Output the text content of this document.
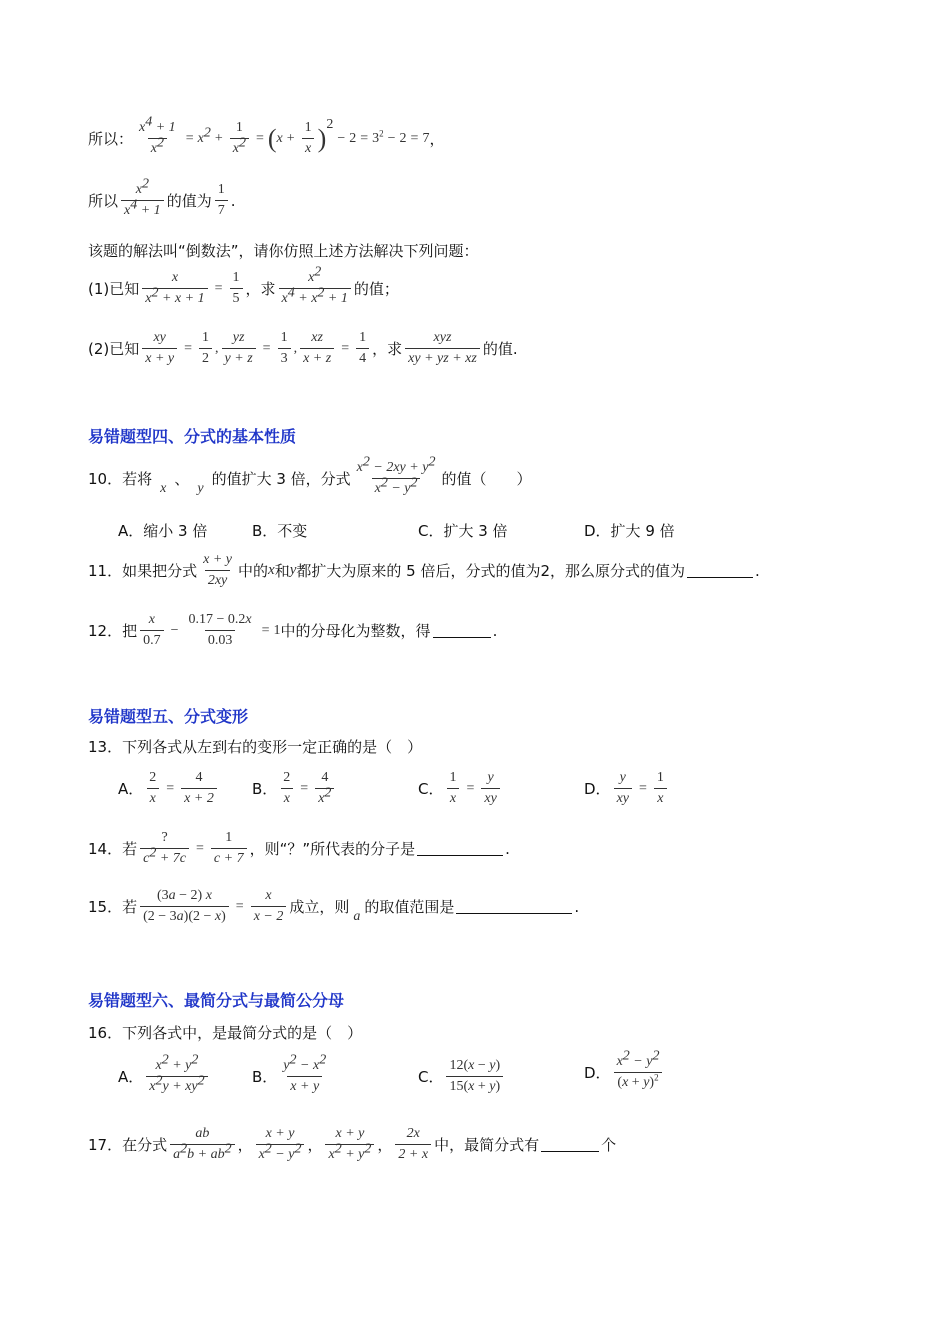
所以： $\frac{x^4 + 1}{x^2} = x^2 + \frac{1}{x^2}$ = ( $x + \frac{1}{x} )^2$
− $2 = 3^2 - 2 = 7$ ，
所以 $\frac{x^2}{x^4 + 1}$ 的值为 $\frac{1}{7}$ .
该题的解法叫“倒数法”，请你仿照上述方法解决下列问题：
(1)已知 $\frac{x}{x^2 + x + 1} = \frac{1}{5}$ ，求 $\frac{x^2}{x^4 + x^2 + 1}$ 的值；
(2)已知 $\frac{xy}{x + y} = \frac{1}{2}$ , $\frac{yz}{y + z} = \frac{1}{3}$ , $\frac{xz}{x + z} = \frac{1}{4}$ ，求 $\frac{\text{xyz}}{xy + yz + xz}$ 的值.
易错题型四、分式的基本性质
10． 若将 x 、 y 的值扩大 3 倍，分式 $\frac{x^2 - 2xy + y^2}{x^2 - y^2}$ 的值（　　）
A．缩小 3 倍	B．不变	C．扩大 3 倍	D．扩大 9 倍
11． 如果把分式 $\frac{x + y}{2xy}$ 中的 x 和 y 都扩大为原来的 5 倍后，分式的值为 2 ，那么原分式的值为	.
12． 把 $\frac{x}{0.7} - \frac{0.17 - 0.2x}{0.03} = 1$ 中的分母化为整数，得	.
易错题型五、分式变形
13． 下列各式从左到右的变形一定正确的是（　）
A． $\frac{2}{x} = \frac{4}{x + 2}$ B． $\frac{2}{x} = \frac{4}{x^2}$	C． $\frac{1}{x} = \frac{y}{xy}$	D． $\frac{y}{xy} = \frac{1}{x}$
14． 若 $\frac{?}{c^2 + 7c} = \frac{1}{c + 7}$ ，则“？”所代表的分子是	.
15． 若 $\frac{(3a - 2) x}{(2 - 3a)(2 - x)} = \frac{x}{x - 2}$ 成立，则 a 的取值范围是	.
易错题型六、最简分式与最简公分母
16． 下列各式中，是最简分式的是（　）
A． $\frac{x^2 + y^2}{x^2y + xy^2}$	B． $\frac{y^2 - x^2}{x + y}$	C． $\frac{12(x - y)}{15(x + y)}$	D． $\frac{x^2 - y^2}{(x + y)^2}$
17． 在分式 $\frac{ab}{a^2b + ab^2}$ ， $\frac{x + y}{x^2 - y^2}$ ， $\frac{x + y}{x^2 + y^2}$ ， $\frac{2x}{2 + x}$ 中，最简分式有	个
